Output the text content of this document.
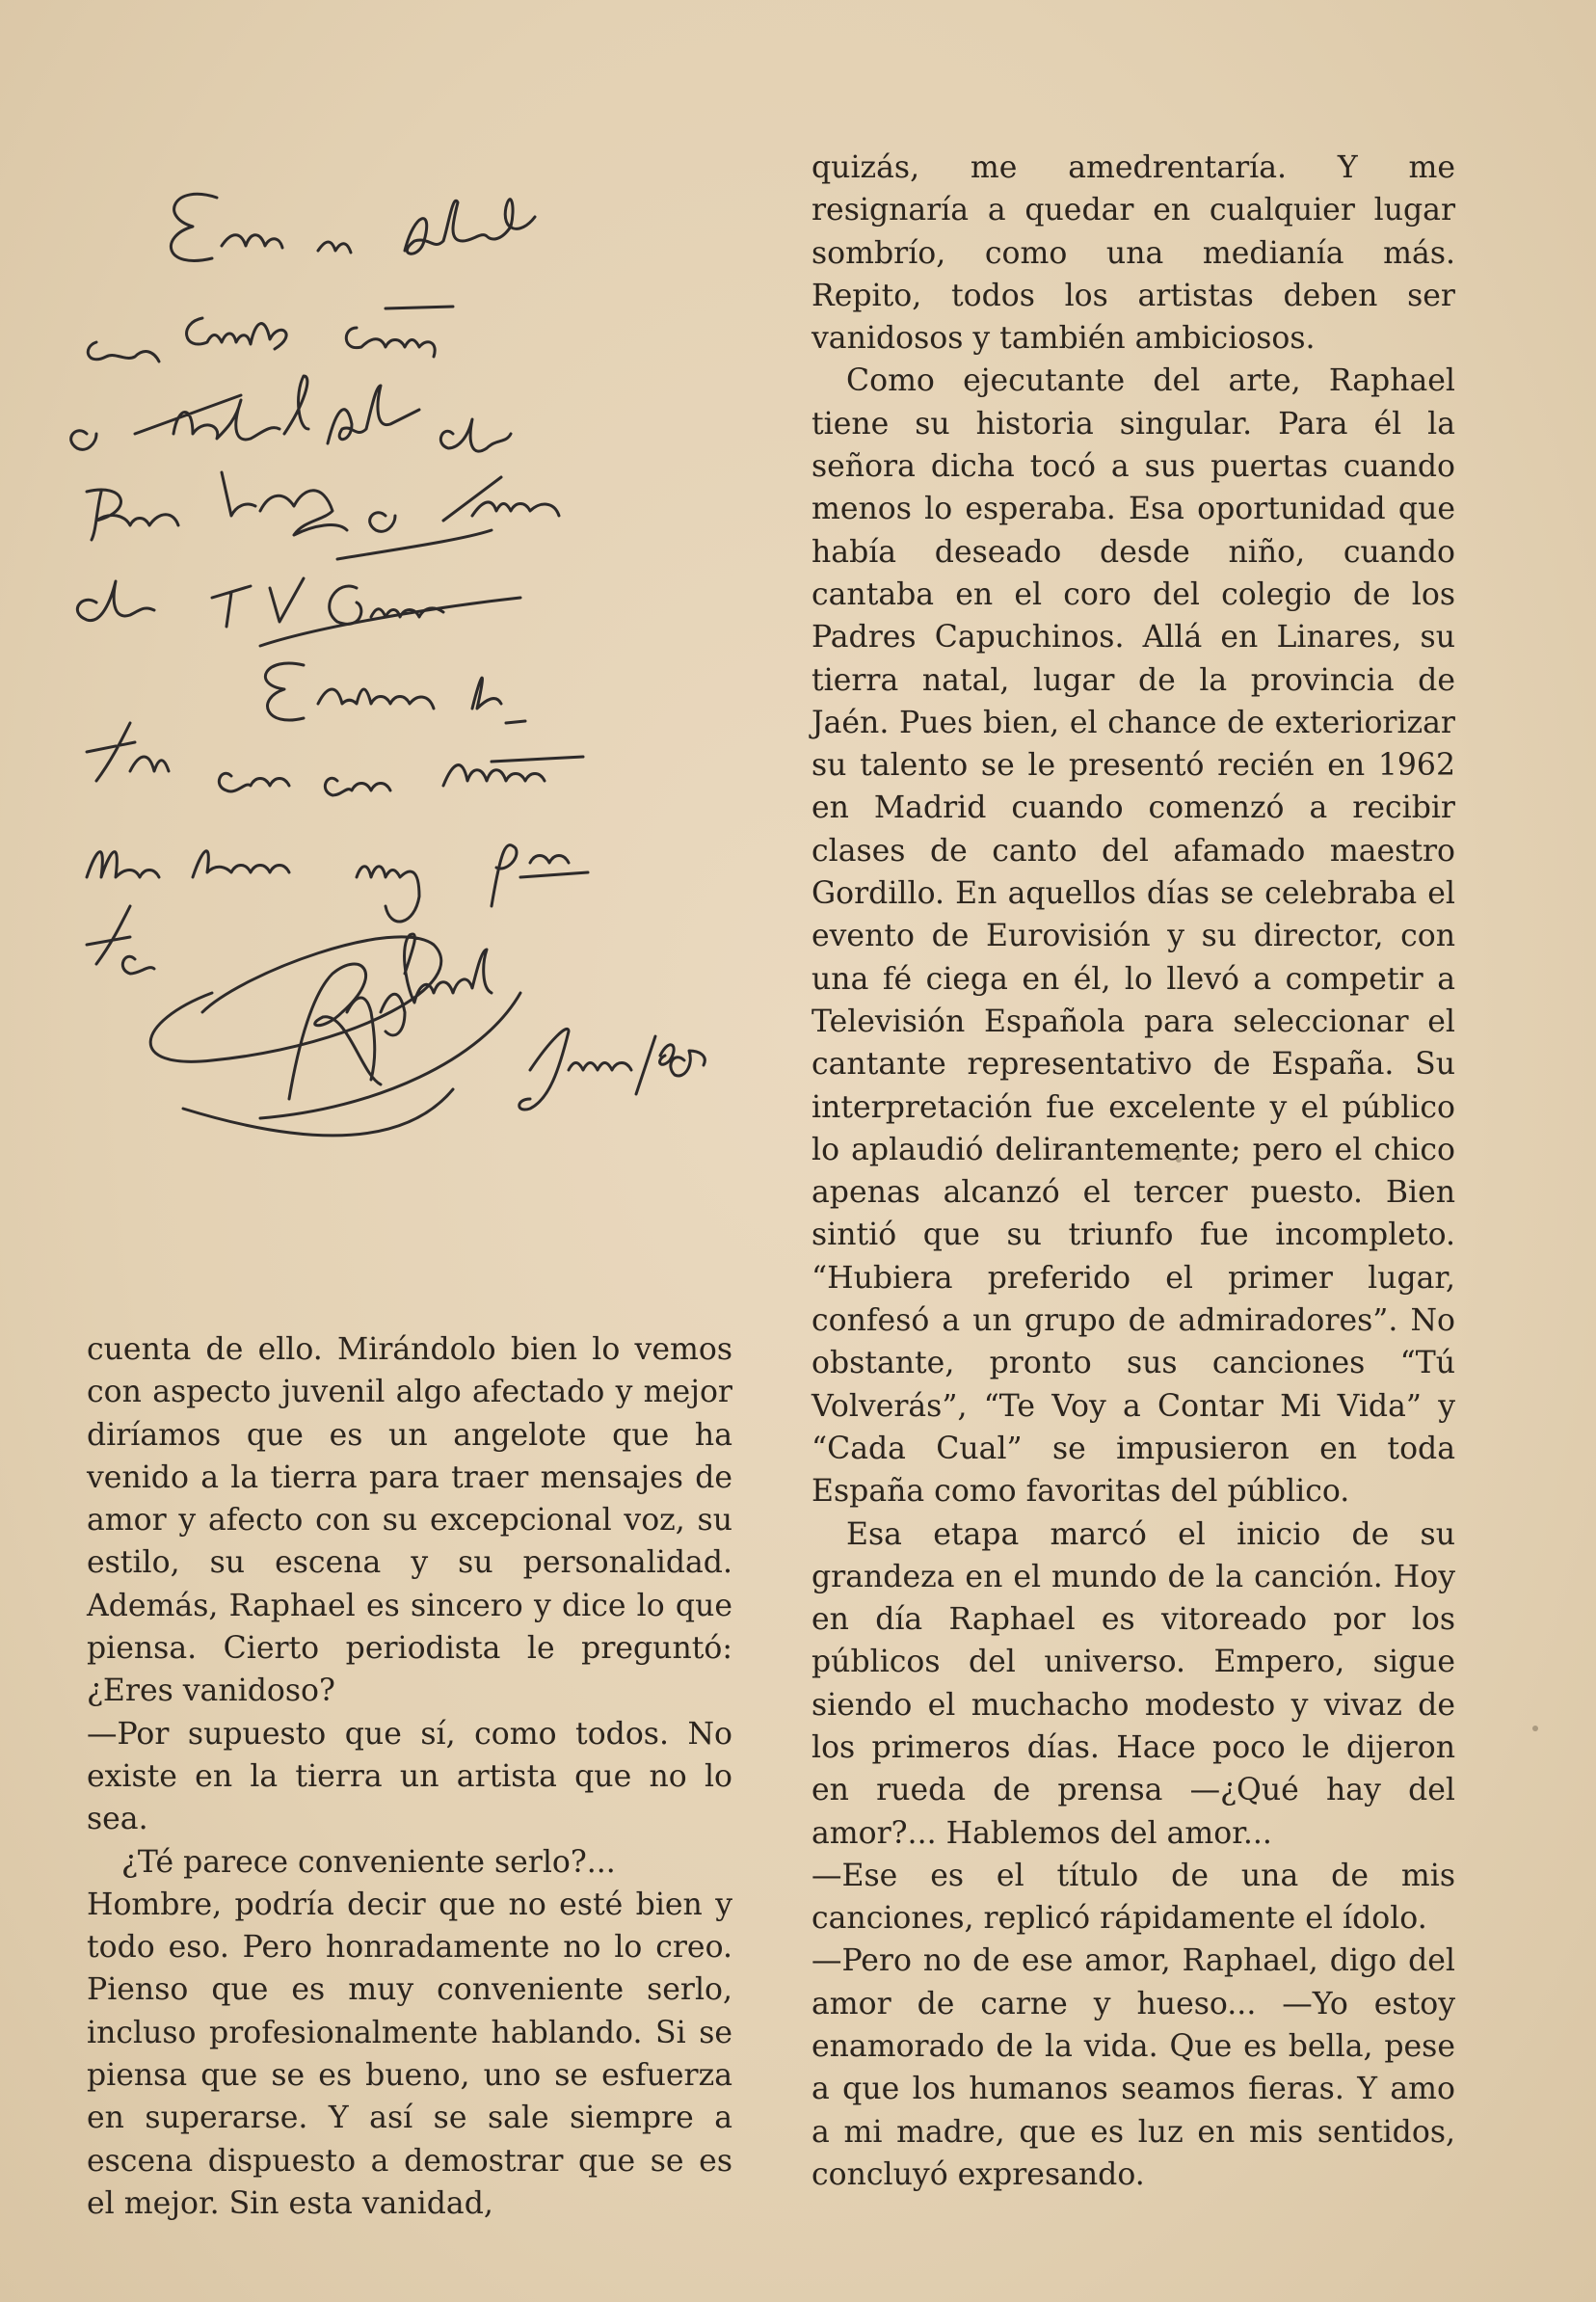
cuenta de ello. Mirándolo bien lo vemos con aspecto juvenil algo afectado y mejor diríamos que es un angelote que ha venido a la tierra para traer mensajes de amor y afecto con su excepcional voz, su estilo, su escena y su personalidad. Además, Raphael es sincero y dice lo que piensa. Cierto periodista le preguntó: ¿Eres vanidoso?

—Por supuesto que sí, como todos. No existe en la tierra un artista que no lo sea.

¿Té parece conveniente serlo?...

Hombre, podría decir que no esté bien y todo eso. Pero honradamente no lo creo. Pienso que es muy conveniente serlo, incluso profesionalmente hablando. Si se piensa que se es bueno, uno se esfuerza en superarse. Y así se sale siempre a escena dispuesto a demostrar que se es el mejor. Sin esta vanidad,

quizás, me amedrentaría. Y me resignaría a quedar en cualquier lugar sombrío, como una medianía más. Repito, todos los artistas deben ser vanidosos y también ambiciosos.

Como ejecutante del arte, Raphael tiene su historia singular. Para él la señora dicha tocó a sus puertas cuando menos lo esperaba. Esa oportunidad que había deseado desde niño, cuando cantaba en el coro del colegio de los Padres Capuchinos. Allá en Linares, su tierra natal, lugar de la provincia de Jaén. Pues bien, el chance de exteriorizar su talento se le presentó recién en 1962 en Madrid cuando comenzó a recibir clases de canto del afamado maestro Gordillo. En aquellos días se celebraba el evento de Eurovisión y su director, con una fé ciega en él, lo llevó a competir a Televisión Española para seleccionar el cantante representativo de España. Su interpretación fue excelente y el público lo aplaudió delirantemente; pero el chico apenas alcanzó el tercer puesto. Bien sintió que su triunfo fue incompleto. “Hubiera preferido el primer lugar, confesó a un grupo de admiradores”. No obstante, pronto sus canciones “Tú Volverás”, “Te Voy a Contar Mi Vida” y “Cada Cual” se impusieron en toda España como favoritas del público.

Esa etapa marcó el inicio de su grandeza en el mundo de la canción. Hoy en día Raphael es vitoreado por los públicos del universo. Empero, sigue siendo el muchacho modesto y vivaz de los primeros días. Hace poco le dijeron en rueda de prensa —¿Qué hay del amor?... Hablemos del amor...

—Ese es el título de una de mis canciones, replicó rápidamente el ídolo.

—Pero no de ese amor, Raphael, digo del amor de carne y hueso... —Yo estoy enamorado de la vida. Que es bella, pese a que los humanos seamos fieras. Y amo a mi madre, que es luz en mis sentidos, concluyó expresando.
